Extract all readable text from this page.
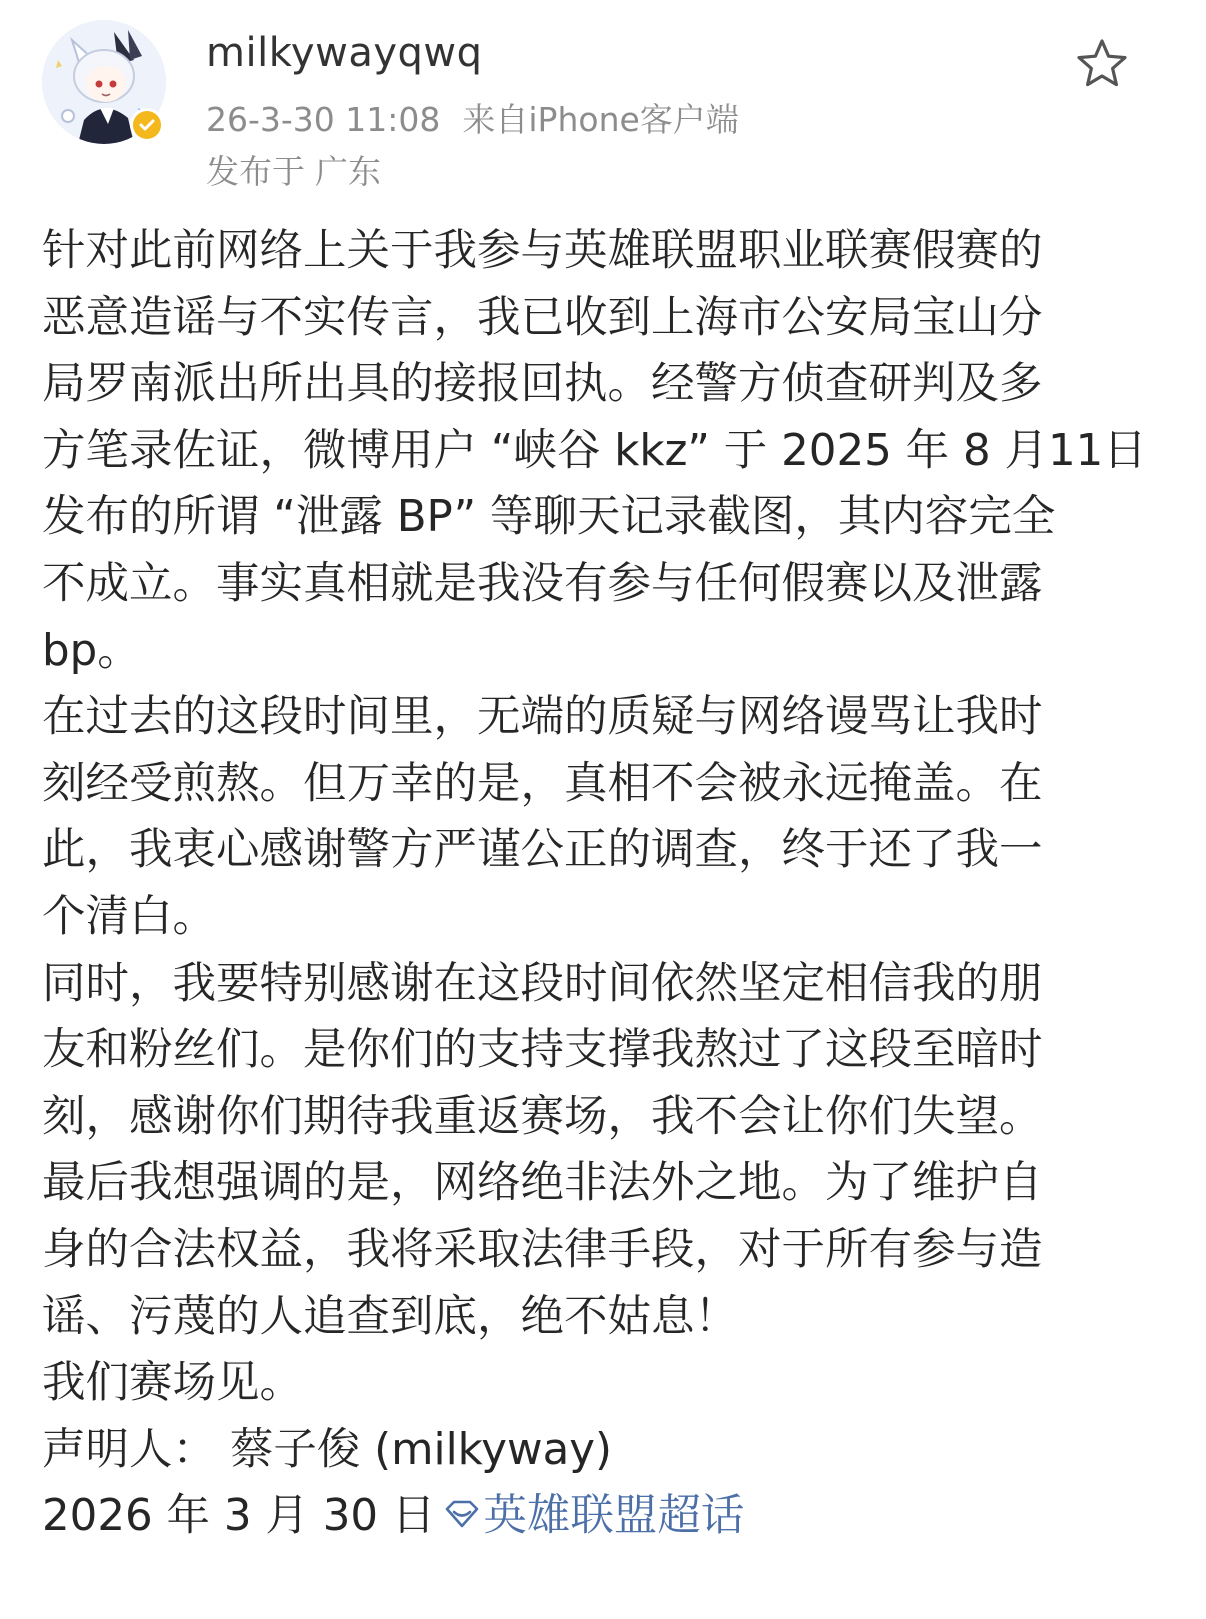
milkywayqwq
26-3-30 11:08 来自iPhone客户端
发布于 广东

针对此前网络上关于我参与英雄联盟职业联赛假赛的

恶意造谣与不实传言，我已收到上海市公安局宝山分

局罗南派出所出具的接报回执。经警方侦查研判及多

方笔录佐证，微博用户 “峡谷 kkz” 于 2025 年 8 月11日

发布的所谓 “泄露 BP” 等聊天记录截图，其内容完全

不成立。事实真相就是我没有参与任何假赛以及泄露

bp。

在过去的这段时间里，无端的质疑与网络谩骂让我时

刻经受煎熬。但万幸的是，真相不会被永远掩盖。在

此，我衷心感谢警方严谨公正的调查，终于还了我一

个清白。

同时，我要特别感谢在这段时间依然坚定相信我的朋

友和粉丝们。是你们的支持支撑我熬过了这段至暗时

刻，感谢你们期待我重返赛场，我不会让你们失望。

最后我想强调的是，网络绝非法外之地。为了维护自

身的合法权益，我将采取法律手段，对于所有参与造

谣、污蔑的人追查到底，绝不姑息！

我们赛场见。

声明人： 蔡子俊 (milkyway)

2026 年 3 月 30 日 英雄联盟超话
